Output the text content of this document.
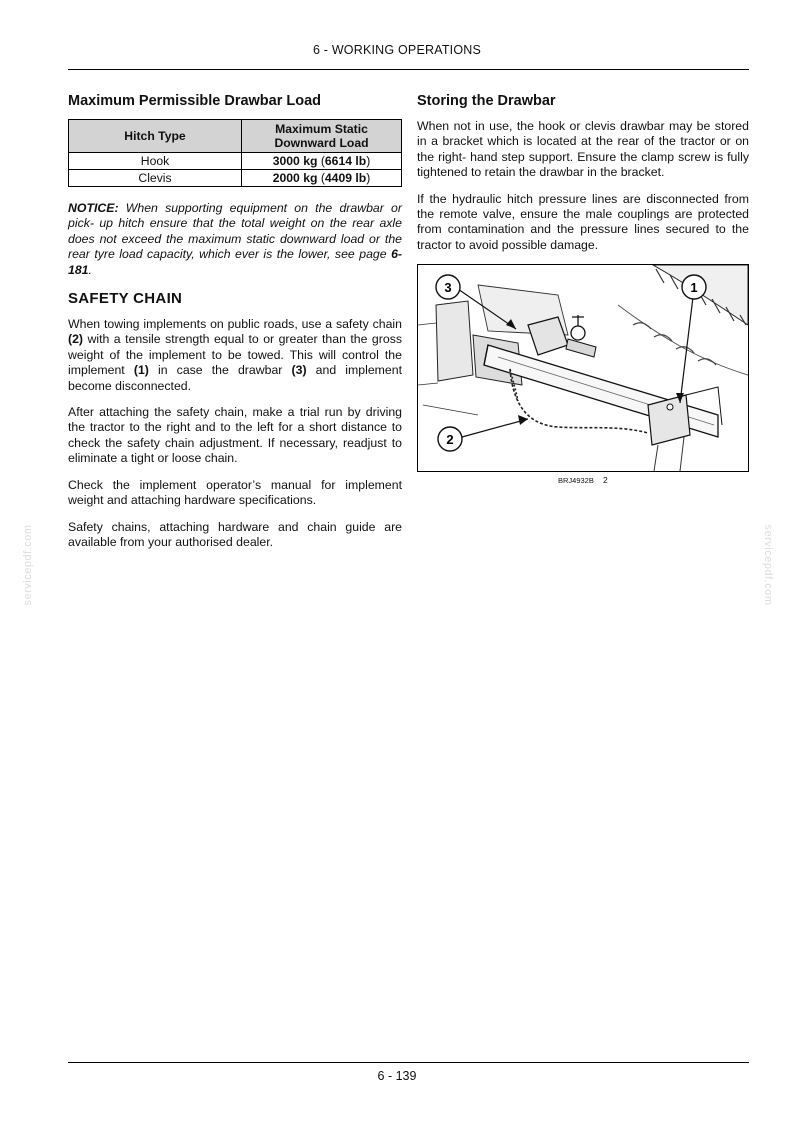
6 - WORKING OPERATIONS
Maximum Permissible Drawbar Load
Hitch Type	Maximum Static Downward Load
Hook	3000 kg (6614 lb)
Clevis	2000 kg (4409 lb)

NOTICE: When supporting equipment on the drawbar or pick- up hitch ensure that the total weight on the rear axle does not exceed the maximum static downward load or the rear tyre load capacity, which ever is the lower, see page 6-181.

SAFETY CHAIN

When towing implements on public roads, use a safety chain (2) with a tensile strength equal to or greater than the gross weight of the implement to be towed. This will control the implement (1) in case the drawbar (3) and implement become disconnected.

After attaching the safety chain, make a trial run by driving the tractor to the right and to the left for a short distance to check the safety chain adjustment. If necessary, readjust to eliminate a tight or loose chain.

Check the implement operator’s manual for implement weight and attaching hardware specifications.

Safety chains, attaching hardware and chain guide are available from your authorised dealer.

Storing the Drawbar

When not in use, the hook or clevis drawbar may be stored in a bracket which is located at the rear of the tractor or on the right- hand step support. Ensure the clamp screw is fully tightened to retain the drawbar in the bracket.

If the hydraulic hitch pressure lines are disconnected from the remote valve, ensure the male couplings are protected from contamination and the pressure lines secured to the tractor to avoid possible damage.

3	1
2
BRJ4932B 2
servicepdf.com	servicepdf.com
6 - 139
